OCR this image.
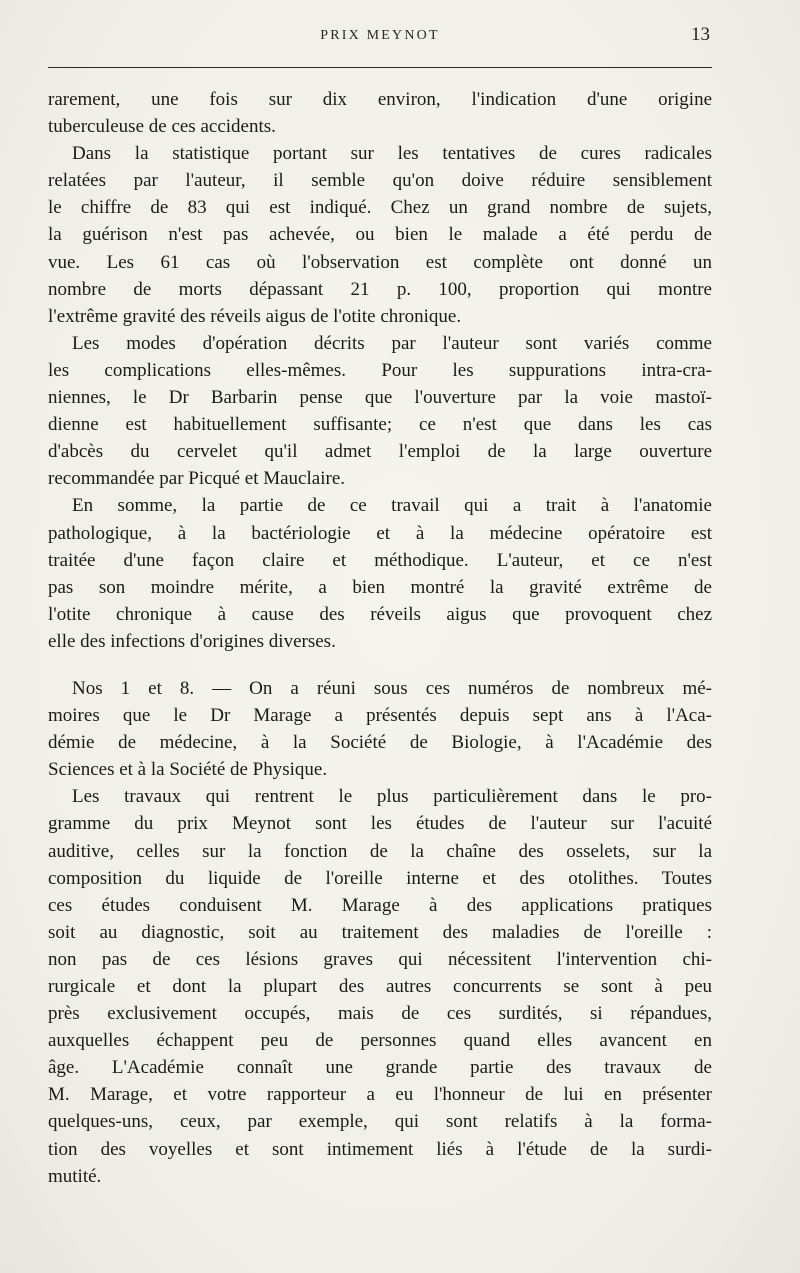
PRIX MEYNOT	13
rarement, une fois sur dix environ, l'indication d'une origine
tuberculeuse de ces accidents.
Dans la statistique portant sur les tentatives de cures radicales
relatées par l'auteur, il semble qu'on doive réduire sensiblement
le chiffre de 83 qui est indiqué. Chez un grand nombre de sujets,
la guérison n'est pas achevée, ou bien le malade a été perdu de
vue. Les 61 cas où l'observation est complète ont donné un
nombre de morts dépassant 21 p. 100, proportion qui montre
l'extrême gravité des réveils aigus de l'otite chronique.
Les modes d'opération décrits par l'auteur sont variés comme
les complications elles-mêmes. Pour les suppurations intra-cra-
niennes, le Dr Barbarin pense que l'ouverture par la voie mastoï-
dienne est habituellement suffisante; ce n'est que dans les cas
d'abcès du cervelet qu'il admet l'emploi de la large ouverture
recommandée par Picqué et Mauclaire.
En somme, la partie de ce travail qui a trait à l'anatomie
pathologique, à la bactériologie et à la médecine opératoire est
traitée d'une façon claire et méthodique. L'auteur, et ce n'est
pas son moindre mérite, a bien montré la gravité extrême de
l'otite chronique à cause des réveils aigus que provoquent chez
elle des infections d'origines diverses.
Nos 1 et 8. — On a réuni sous ces numéros de nombreux mé-
moires que le Dr Marage a présentés depuis sept ans à l'Aca-
démie de médecine, à la Société de Biologie, à l'Académie des
Sciences et à la Société de Physique.
Les travaux qui rentrent le plus particulièrement dans le pro-
gramme du prix Meynot sont les études de l'auteur sur l'acuité
auditive, celles sur la fonction de la chaîne des osselets, sur la
composition du liquide de l'oreille interne et des otolithes. Toutes
ces études conduisent M. Marage à des applications pratiques
soit au diagnostic, soit au traitement des maladies de l'oreille :
non pas de ces lésions graves qui nécessitent l'intervention chi-
rurgicale et dont la plupart des autres concurrents se sont à peu
près exclusivement occupés, mais de ces surdités, si répandues,
auxquelles échappent peu de personnes quand elles avancent en
âge. L'Académie connaît une grande partie des travaux de
M. Marage, et votre rapporteur a eu l'honneur de lui en présenter
quelques-uns, ceux, par exemple, qui sont relatifs à la forma-
tion des voyelles et sont intimement liés à l'étude de la surdi-
mutité.
